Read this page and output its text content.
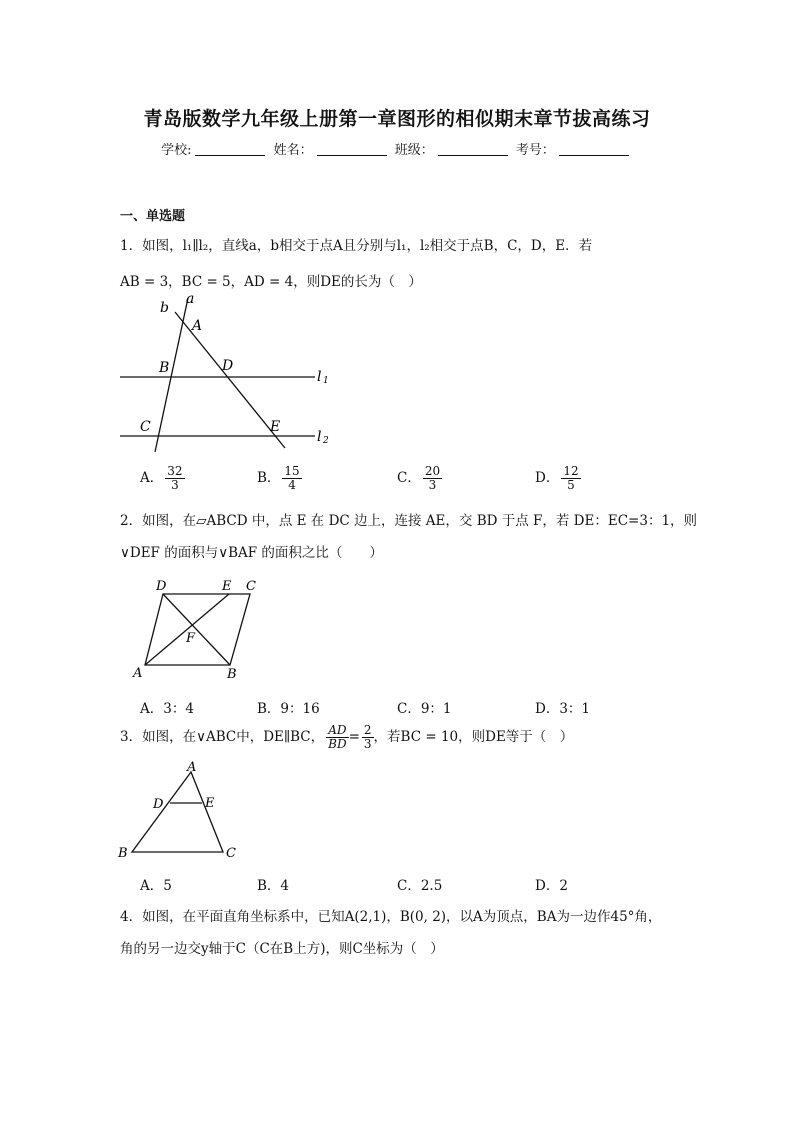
青岛版数学九年级上册第一章图形的相似期末章节拔高练习
学校:	姓名：	班级：	考号：
一、单选题
1．如图，l₁∥l₂，直线a，b相交于点A且分别与l₁，l₂相交于点B，C，D，E．若
AB = 3，BC = 5，AD = 4，则DE的长为（　）
a
b
A
B	D
C	E
l 1
l 2
A． $\frac{32}{3}$	B． $\frac{15}{4}$	C． $\frac{20}{3}$	D． $\frac{12}{5}$
2．如图，在▱ABCD 中，点 E 在 DC 边上，连接 AE，交 BD 于点 F，若 DE：EC=3：1，则
∨DEF 的面积与∨BAF 的面积之比（　　）
D	E C
F
A	B
A．3：4	B．9：16	C．9：1	D．3：1
3．如图，在∨ABC中，DE∥BC， $\frac{AD}{BD} = \frac{2}{3}$ ，若BC = 10，则DE等于（　）
A
D	E
B	C
A．5	B．4	C．2.5	D．2
4．如图，在平面直角坐标系中，已知A(2,1)，B(0, 2)，以A为顶点，BA为一边作45°角，
角的另一边交y轴于C（C在B上方)，则C坐标为（　）
